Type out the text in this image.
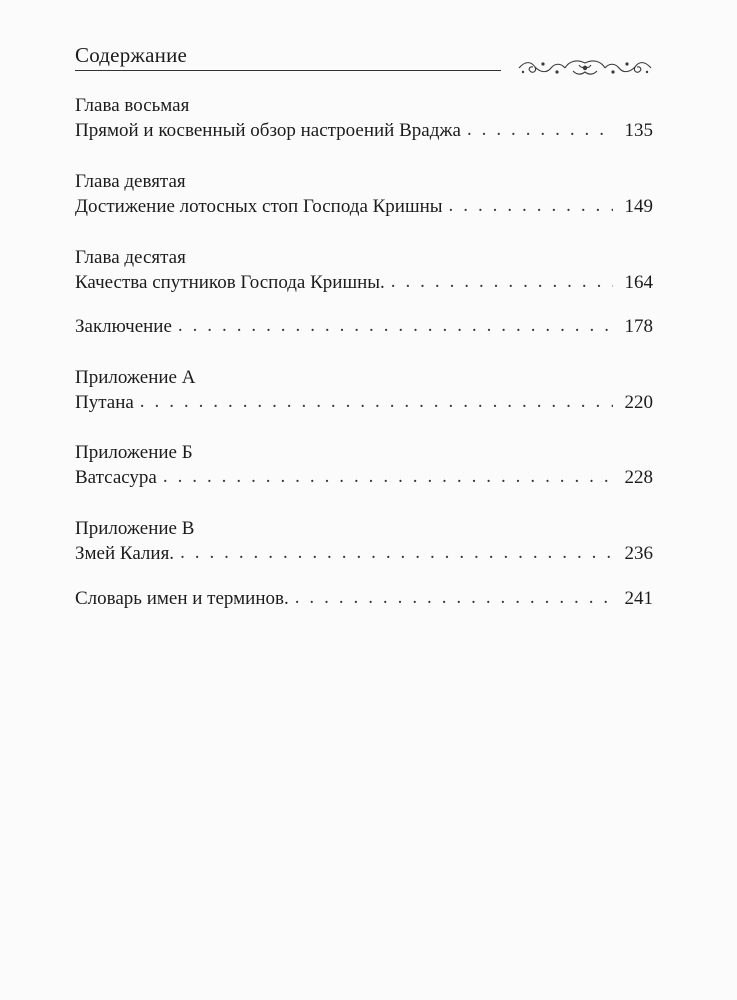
Содержание
Глава восьмая
Прямой и косвенный обзор настроений Враджа . . .	135
Глава девятая
Достижение лотосных стоп Господа Кришны . . .	149
Глава десятая
Качества спутников Господа Кришны. . . .	164
Заключение . . .	178
Приложение А
Путана . . .	220
Приложение Б
Ватсасура . . .	228
Приложение В
Змей Калия. . . .	236
Словарь имен и терминов. . . .	241
